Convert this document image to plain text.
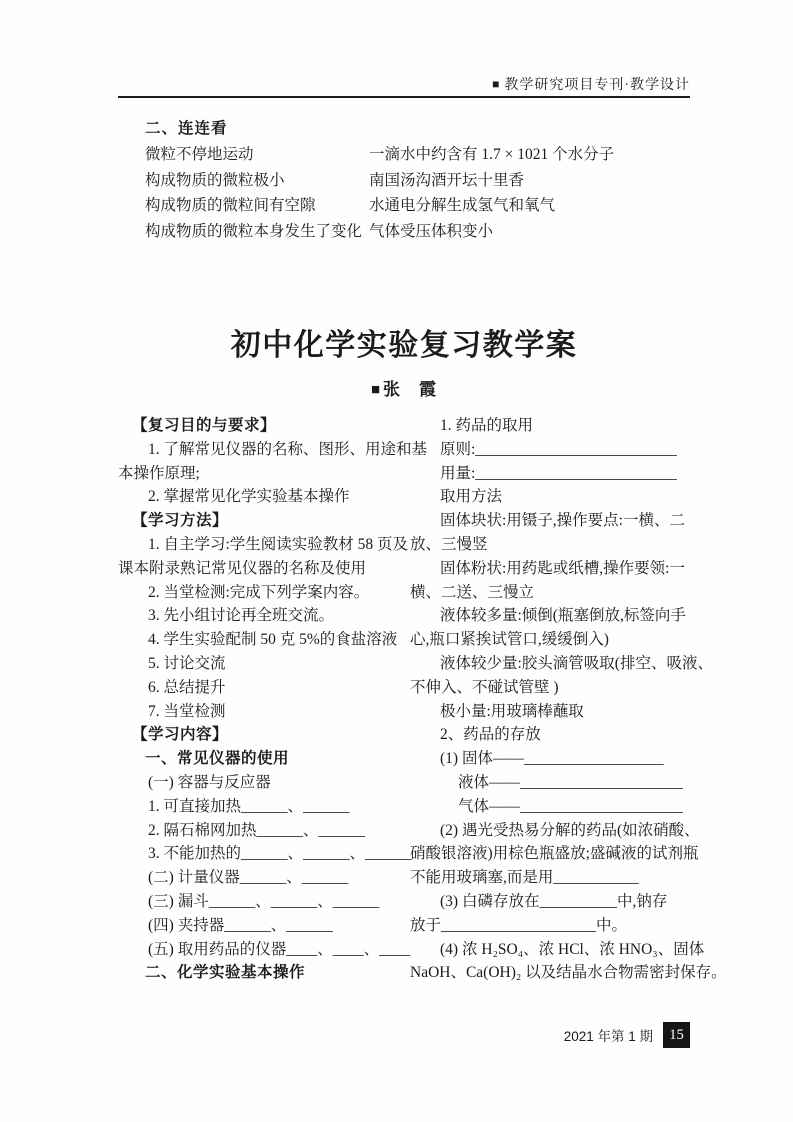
■ 教学研究项目专刊·教学设计
二、连连看
微粒不停地运动	一滴水中约含有 1.7 × 1021 个水分子
构成物质的微粒极小	南国汤沟酒开坛十里香
构成物质的微粒间有空隙	水通电分解生成氢气和氧气
构成物质的微粒本身发生了变化 气体受压体积变小
初中化学实验复习教学案
■ 张　霞
【复习目的与要求】
1. 了解常见仪器的名称、图形、用途和基
本操作原理;
2. 掌握常见化学实验基本操作
【学习方法】
1. 自主学习:学生阅读实验教材 58 页及
课本附录熟记常见仪器的名称及使用
2. 当堂检测:完成下列学案内容。
3. 先小组讨论再全班交流。
4. 学生实验配制 50 克 5%的食盐溶液
5. 讨论交流
6. 总结提升
7. 当堂检测
【学习内容】
一、常见仪器的使用
(一) 容器与反应器
1. 可直接加热______、______
2. 隔石棉网加热______、______
3. 不能加热的______、______、______
(二) 计量仪器______、______
(三) 漏斗______、______、______
(四) 夹持器______、______
(五) 取用药品的仪器____、____、____
二、化学实验基本操作
1. 药品的取用
原则:__________________________
用量:__________________________
取用方法
固体块状:用镊子,操作要点:一横、二
放、三慢竖
固体粉状:用药匙或纸槽,操作要领:一
横、二送、三慢立
液体较多量:倾倒(瓶塞倒放,标签向手
心,瓶口紧挨试管口,缓缓倒入)
液体较少量:胶头滴管吸取(排空、吸液、
不伸入、不碰试管壁 )
极小量:用玻璃棒蘸取
2、药品的存放
(1) 固体——__________________
液体——_____________________
气体——_____________________
(2) 遇光受热易分解的药品(如浓硝酸、
硝酸银溶液)用棕色瓶盛放;盛碱液的试剂瓶
不能用玻璃塞,而是用___________
(3) 白磷存放在__________中,钠存
放于____________________中。
(4) 浓 H₂SO₄、浓 HCl、浓 HNO₃、固体
NaOH、Ca(OH)₂ 以及结晶水合物需密封保存。
2021 年第 1 期	15
